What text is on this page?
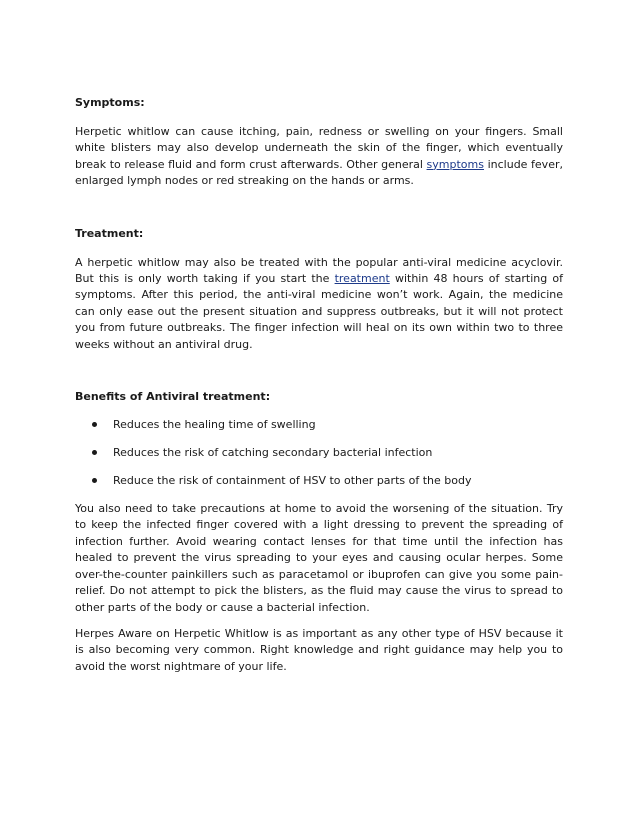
Symptoms:

Herpetic whitlow can cause itching, pain, redness or swelling on your fingers. Small white blisters may also develop underneath the skin of the finger, which eventually break to release fluid and form crust afterwards. Other general symptoms include fever, enlarged lymph nodes or red streaking on the hands or arms.

Treatment:

A herpetic whitlow may also be treated with the popular anti-viral medicine acyclovir. But this is only worth taking if you start the treatment within 48 hours of starting of symptoms. After this period, the anti-viral medicine won’t work. Again, the medicine can only ease out the present situation and suppress outbreaks, but it will not protect you from future outbreaks. The finger infection will heal on its own within two to three weeks without an antiviral drug.

Benefits of Antiviral treatment:
Reduces the healing time of swelling
Reduces the risk of catching secondary bacterial infection
Reduce the risk of containment of HSV to other parts of the body

You also need to take precautions at home to avoid the worsening of the situation. Try to keep the infected finger covered with a light dressing to prevent the spreading of infection further. Avoid wearing contact lenses for that time until the infection has healed to prevent the virus spreading to your eyes and causing ocular herpes. Some over-the-counter painkillers such as paracetamol or ibuprofen can give you some pain-relief. Do not attempt to pick the blisters, as the fluid may cause the virus to spread to other parts of the body or cause a bacterial infection.

Herpes Aware on Herpetic Whitlow is as important as any other type of HSV because it is also becoming very common. Right knowledge and right guidance may help you to avoid the worst nightmare of your life.
